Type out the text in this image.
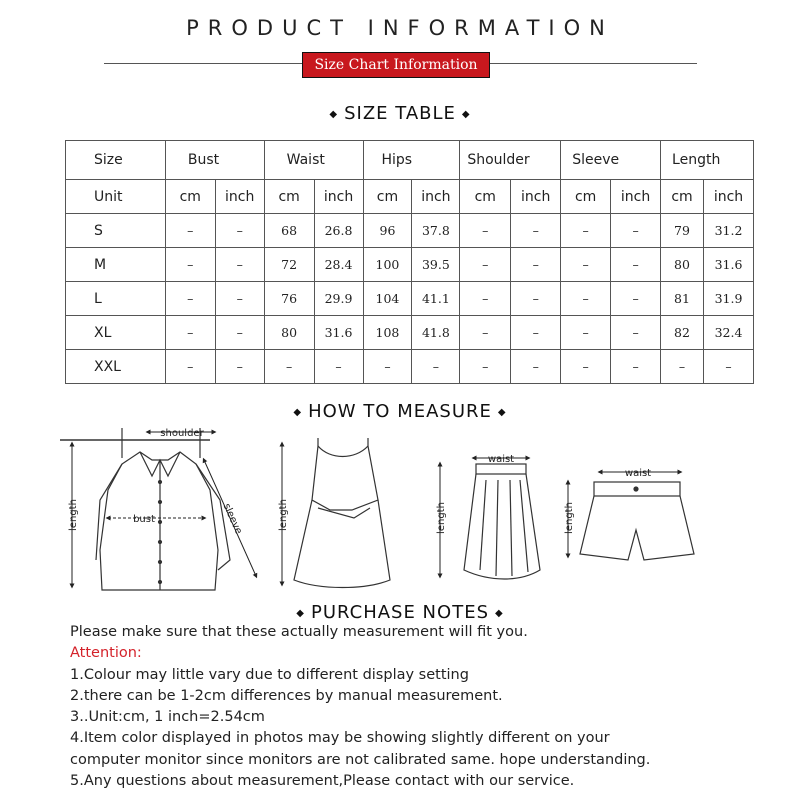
PRODUCT INFORMATION
Size Chart Information
◆ SIZE TABLE ◆
Size	Bust		Waist		Hips		Shoulder		Sleeve		Length	
Unit	cm	inch	cm	inch	cm	inch	cm	inch	cm	inch	cm	inch
S	–	–	68	26.8	96	37.8	–	–	–	–	79	31.2
M	–	–	72	28.4	100	39.5	–	–	–	–	80	31.6
L	–	–	76	29.9	104	41.1	–	–	–	–	81	31.9
XL	–	–	80	31.6	108	41.8	–	–	–	–	82	32.4
XXL	–	–	–	–	–	–	–	–	–	–	–	–
◆ HOW TO MEASURE ◆
length
shoulder
bust	sleeve	length
waist
length
waist
length
◆ PURCHASE NOTES ◆
Please make sure that these actually measurement will fit you.
Attention:
1.Colour may little vary due to different display setting
2.there can be 1-2cm differences by manual measurement.
3..Unit:cm, 1 inch=2.54cm
4.Item color displayed in photos may be showing slightly different on your
computer monitor since monitors are not calibrated same. hope understanding.
5.Any questions about measurement,Please contact with our service.
